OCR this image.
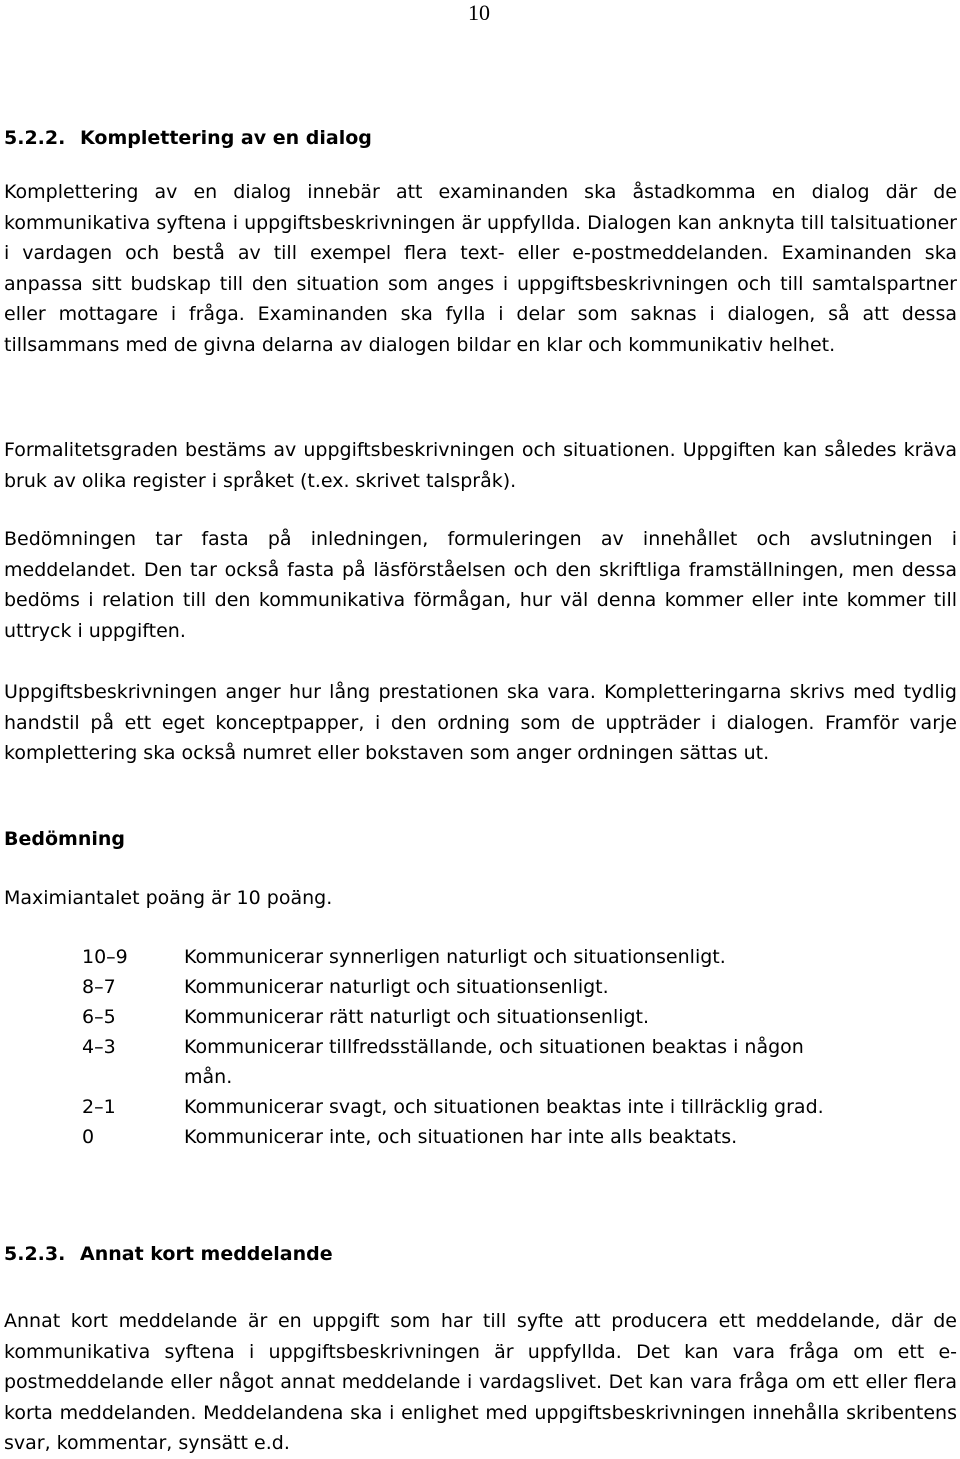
10
5.2.2. Komplettering av en dialog

Komplettering av en dialog innebär att examinanden ska åstadkomma en dialog där de kommunikativa syftena i uppgiftsbeskrivningen är uppfyllda. Dialogen kan anknyta till talsituationer i vardagen och bestå av till exempel flera text- eller e-postmeddelanden. Examinanden ska anpassa sitt budskap till den situation som anges i uppgiftsbeskrivningen och till samtalspartner eller mottagare i fråga. Examinanden ska fylla i delar som saknas i dialogen, så att dessa tillsammans med de givna delarna av dialogen bildar en klar och kommunikativ helhet.

Formalitetsgraden bestäms av uppgiftsbeskrivningen och situationen. Uppgiften kan således kräva bruk av olika register i språket (t.ex. skrivet talspråk).

Bedömningen tar fasta på inledningen, formuleringen av innehållet och avslutningen i meddelandet. Den tar också fasta på läsförståelsen och den skriftliga framställningen, men dessa bedöms i relation till den kommunikativa förmågan, hur väl denna kommer eller inte kommer till uttryck i uppgiften.

Uppgiftsbeskrivningen anger hur lång prestationen ska vara. Kompletteringarna skrivs med tydlig handstil på ett eget konceptpapper, i den ordning som de uppträder i dialogen. Framför varje komplettering ska också numret eller bokstaven som anger ordningen sättas ut.

Bedömning
Maximiantalet poäng är 10 poäng.
10–9	Kommunicerar synnerligen naturligt och situationsenligt.
8–7	Kommunicerar naturligt och situationsenligt.
6–5	Kommunicerar rätt naturligt och situationsenligt.
4–3	Kommunicerar tillfredsställande, och situationen beaktas i någon mån.
2–1	Kommunicerar svagt, och situationen beaktas inte i tillräcklig grad.
0	Kommunicerar inte, och situationen har inte alls beaktats.
5.2.3. Annat kort meddelande

Annat kort meddelande är en uppgift som har till syfte att producera ett meddelande, där de kommunikativa syftena i uppgiftsbeskrivningen är uppfyllda. Det kan vara fråga om ett e-postmeddelande eller något annat meddelande i vardagslivet. Det kan vara fråga om ett eller flera korta meddelanden. Meddelandena ska i enlighet med uppgiftsbeskrivningen innehålla skribentens svar, kommentar, synsätt e.d.
